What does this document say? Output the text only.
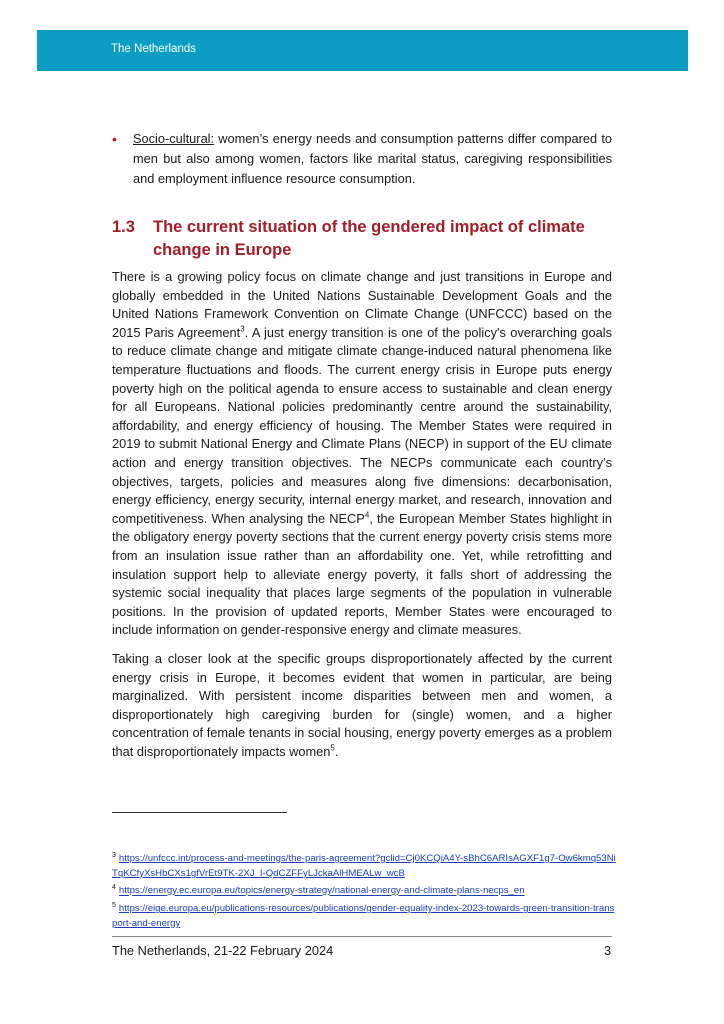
The Netherlands
• Socio-cultural: women’s energy needs and consumption patterns differ compared to men but also among women, factors like marital status, caregiving responsibilities and employment influence resource consumption.
1.3 The current situation of the gendered impact of climate change in Europe

There is a growing policy focus on climate change and just transitions in Europe and globally embedded in the United Nations Sustainable Development Goals and the United Nations Framework Convention on Climate Change (UNFCCC) based on the 2015 Paris Agreement$^3$. A just energy transition is one of the policy's overarching goals to reduce climate change and mitigate climate change-induced natural phenomena like temperature fluctuations and floods. The current energy crisis in Europe puts energy poverty high on the political agenda to ensure access to sustainable and clean energy for all Europeans. National policies predominantly centre around the sustainability, affordability, and energy efficiency of housing. The Member States were required in 2019 to submit National Energy and Climate Plans (NECP) in support of the EU climate action and energy transition objectives. The NECPs communicate each country’s objectives, targets, policies and measures along five dimensions: decarbonisation, energy efficiency, energy security, internal energy market, and research, innovation and competitiveness. When analysing the NECP$^4$, the European Member States highlight in the obligatory energy poverty sections that the current energy poverty crisis stems more from an insulation issue rather than an affordability one. Yet, while retrofitting and insulation support help to alleviate energy poverty, it falls short of addressing the systemic social inequality that places large segments of the population in vulnerable positions. In the provision of updated reports, Member States were encouraged to include information on gender-responsive energy and climate measures.

Taking a closer look at the specific groups disproportionately affected by the current energy crisis in Europe, it becomes evident that women in particular, are being marginalized. With persistent income disparities between men and women, a disproportionately high caregiving burden for (single) women, and a higher concentration of female tenants in social housing, energy poverty emerges as a problem that disproportionately impacts women$^5$.

$^3$ https://unfccc.int/process-and-meetings/the-paris-agreement?gclid=Cj0KCQiA4Y-sBhC6ARIsAGXF1g7-Ow6kmq53NiTqKCfyXsHbCXs1gfVrEt9TK-2XJ_I-QdCZFFyLJckaAlHMEALw_wcB

$^4$ https://energy.ec.europa.eu/topics/energy-strategy/national-energy-and-climate-plans-necps_en

$^5$ https://eige.europa.eu/publications-resources/publications/gender-equality-index-2023-towards-green-transition-transport-and-energy

The Netherlands, 21-22 February 2024	3
